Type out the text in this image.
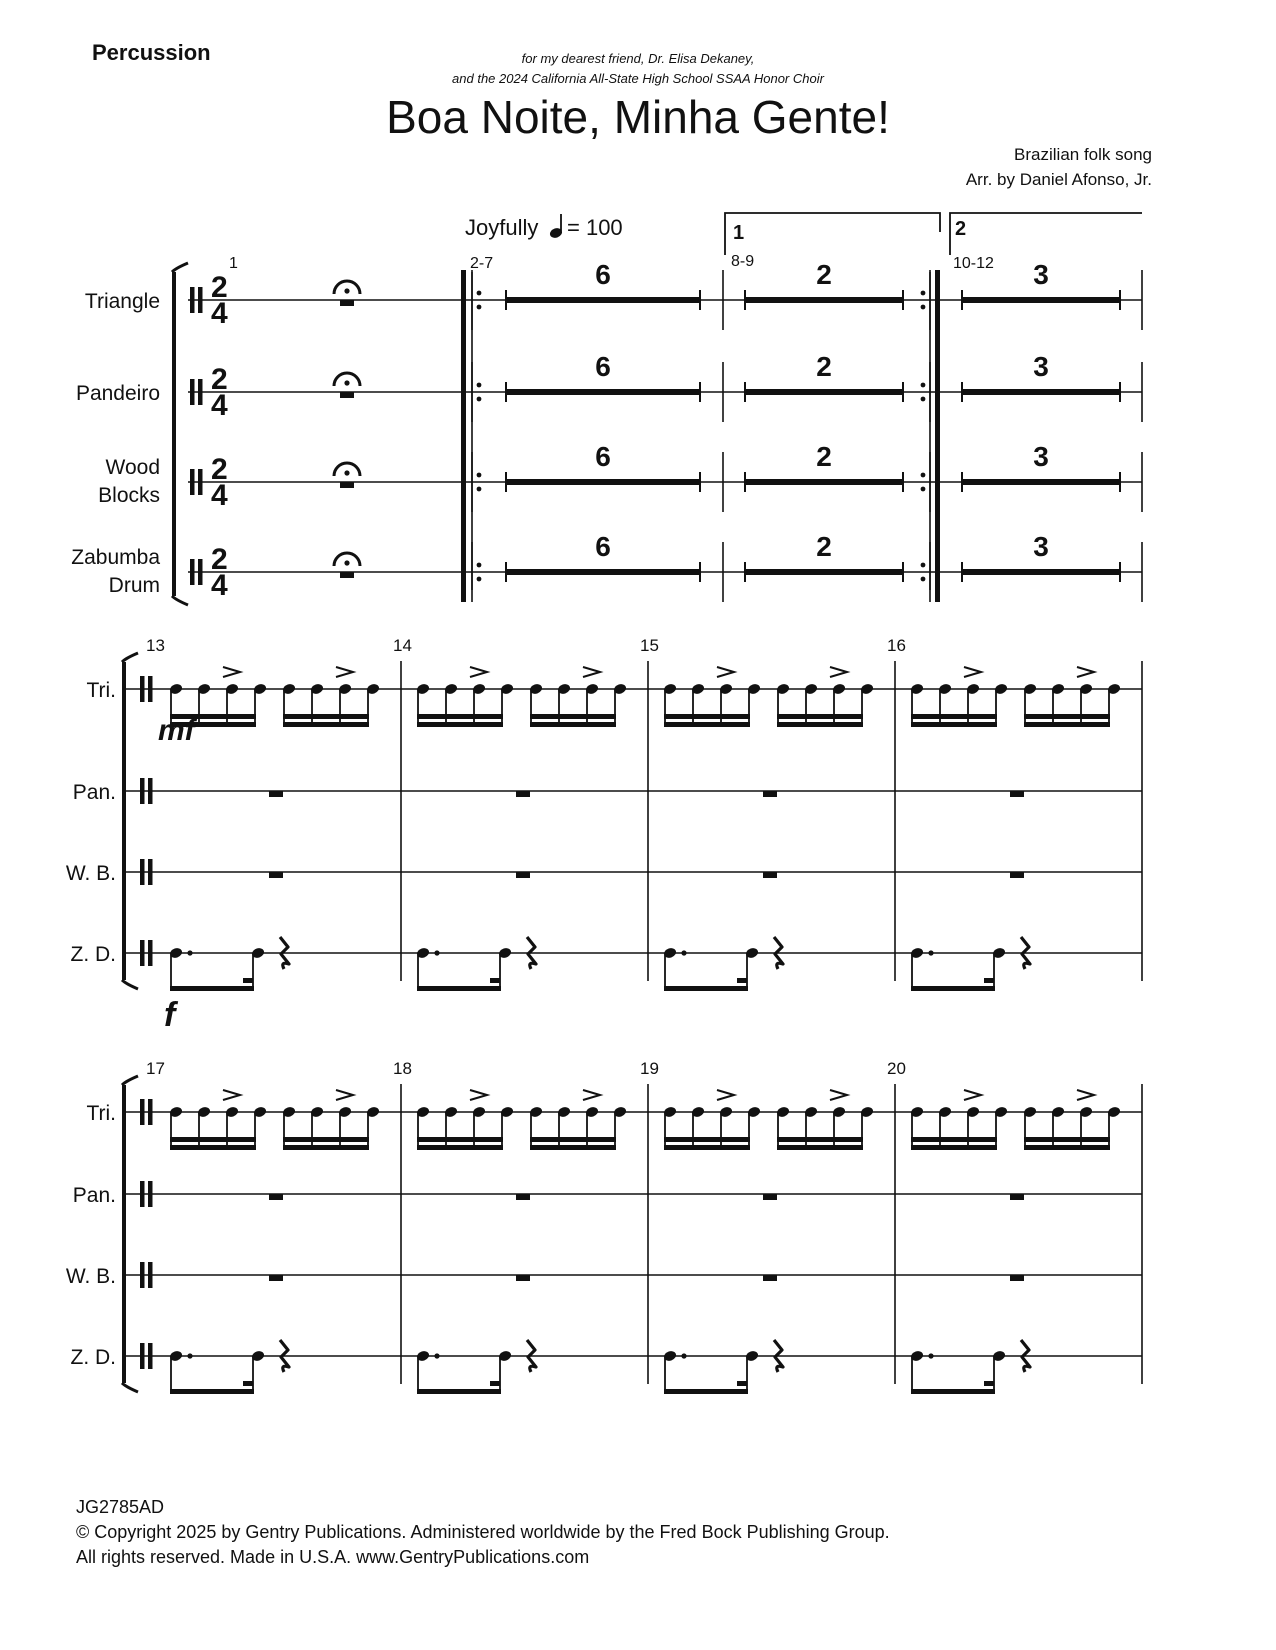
Percussion	for my dearest friend, Dr. Elisa Dekaney,
and the 2024 California All-State High School SSAA Honor Choir
Boa Noite, Minha Gente!
Brazilian folk song
Arr. by Daniel Afonso, Jr.
Triangle
Pandeiro
Wood
Blocks
Zabumba
Drum
2
4
6	2	3
2
4
6	2	3
2
4
6	2	3
2
4
6	2	3
1	2-7	8-9	10-12
Joyfully = 100	1	2
Tri.
Pan.
W. B.
Z. D.
13	14	15	16
mf
f
Tri.
Pan.
W. B.
Z. D.
17	18	19	20
JG2785AD
© Copyright 2025 by Gentry Publications. Administered worldwide by the Fred Bock Publishing Group.
All rights reserved. Made in U.S.A. www.GentryPublications.com
